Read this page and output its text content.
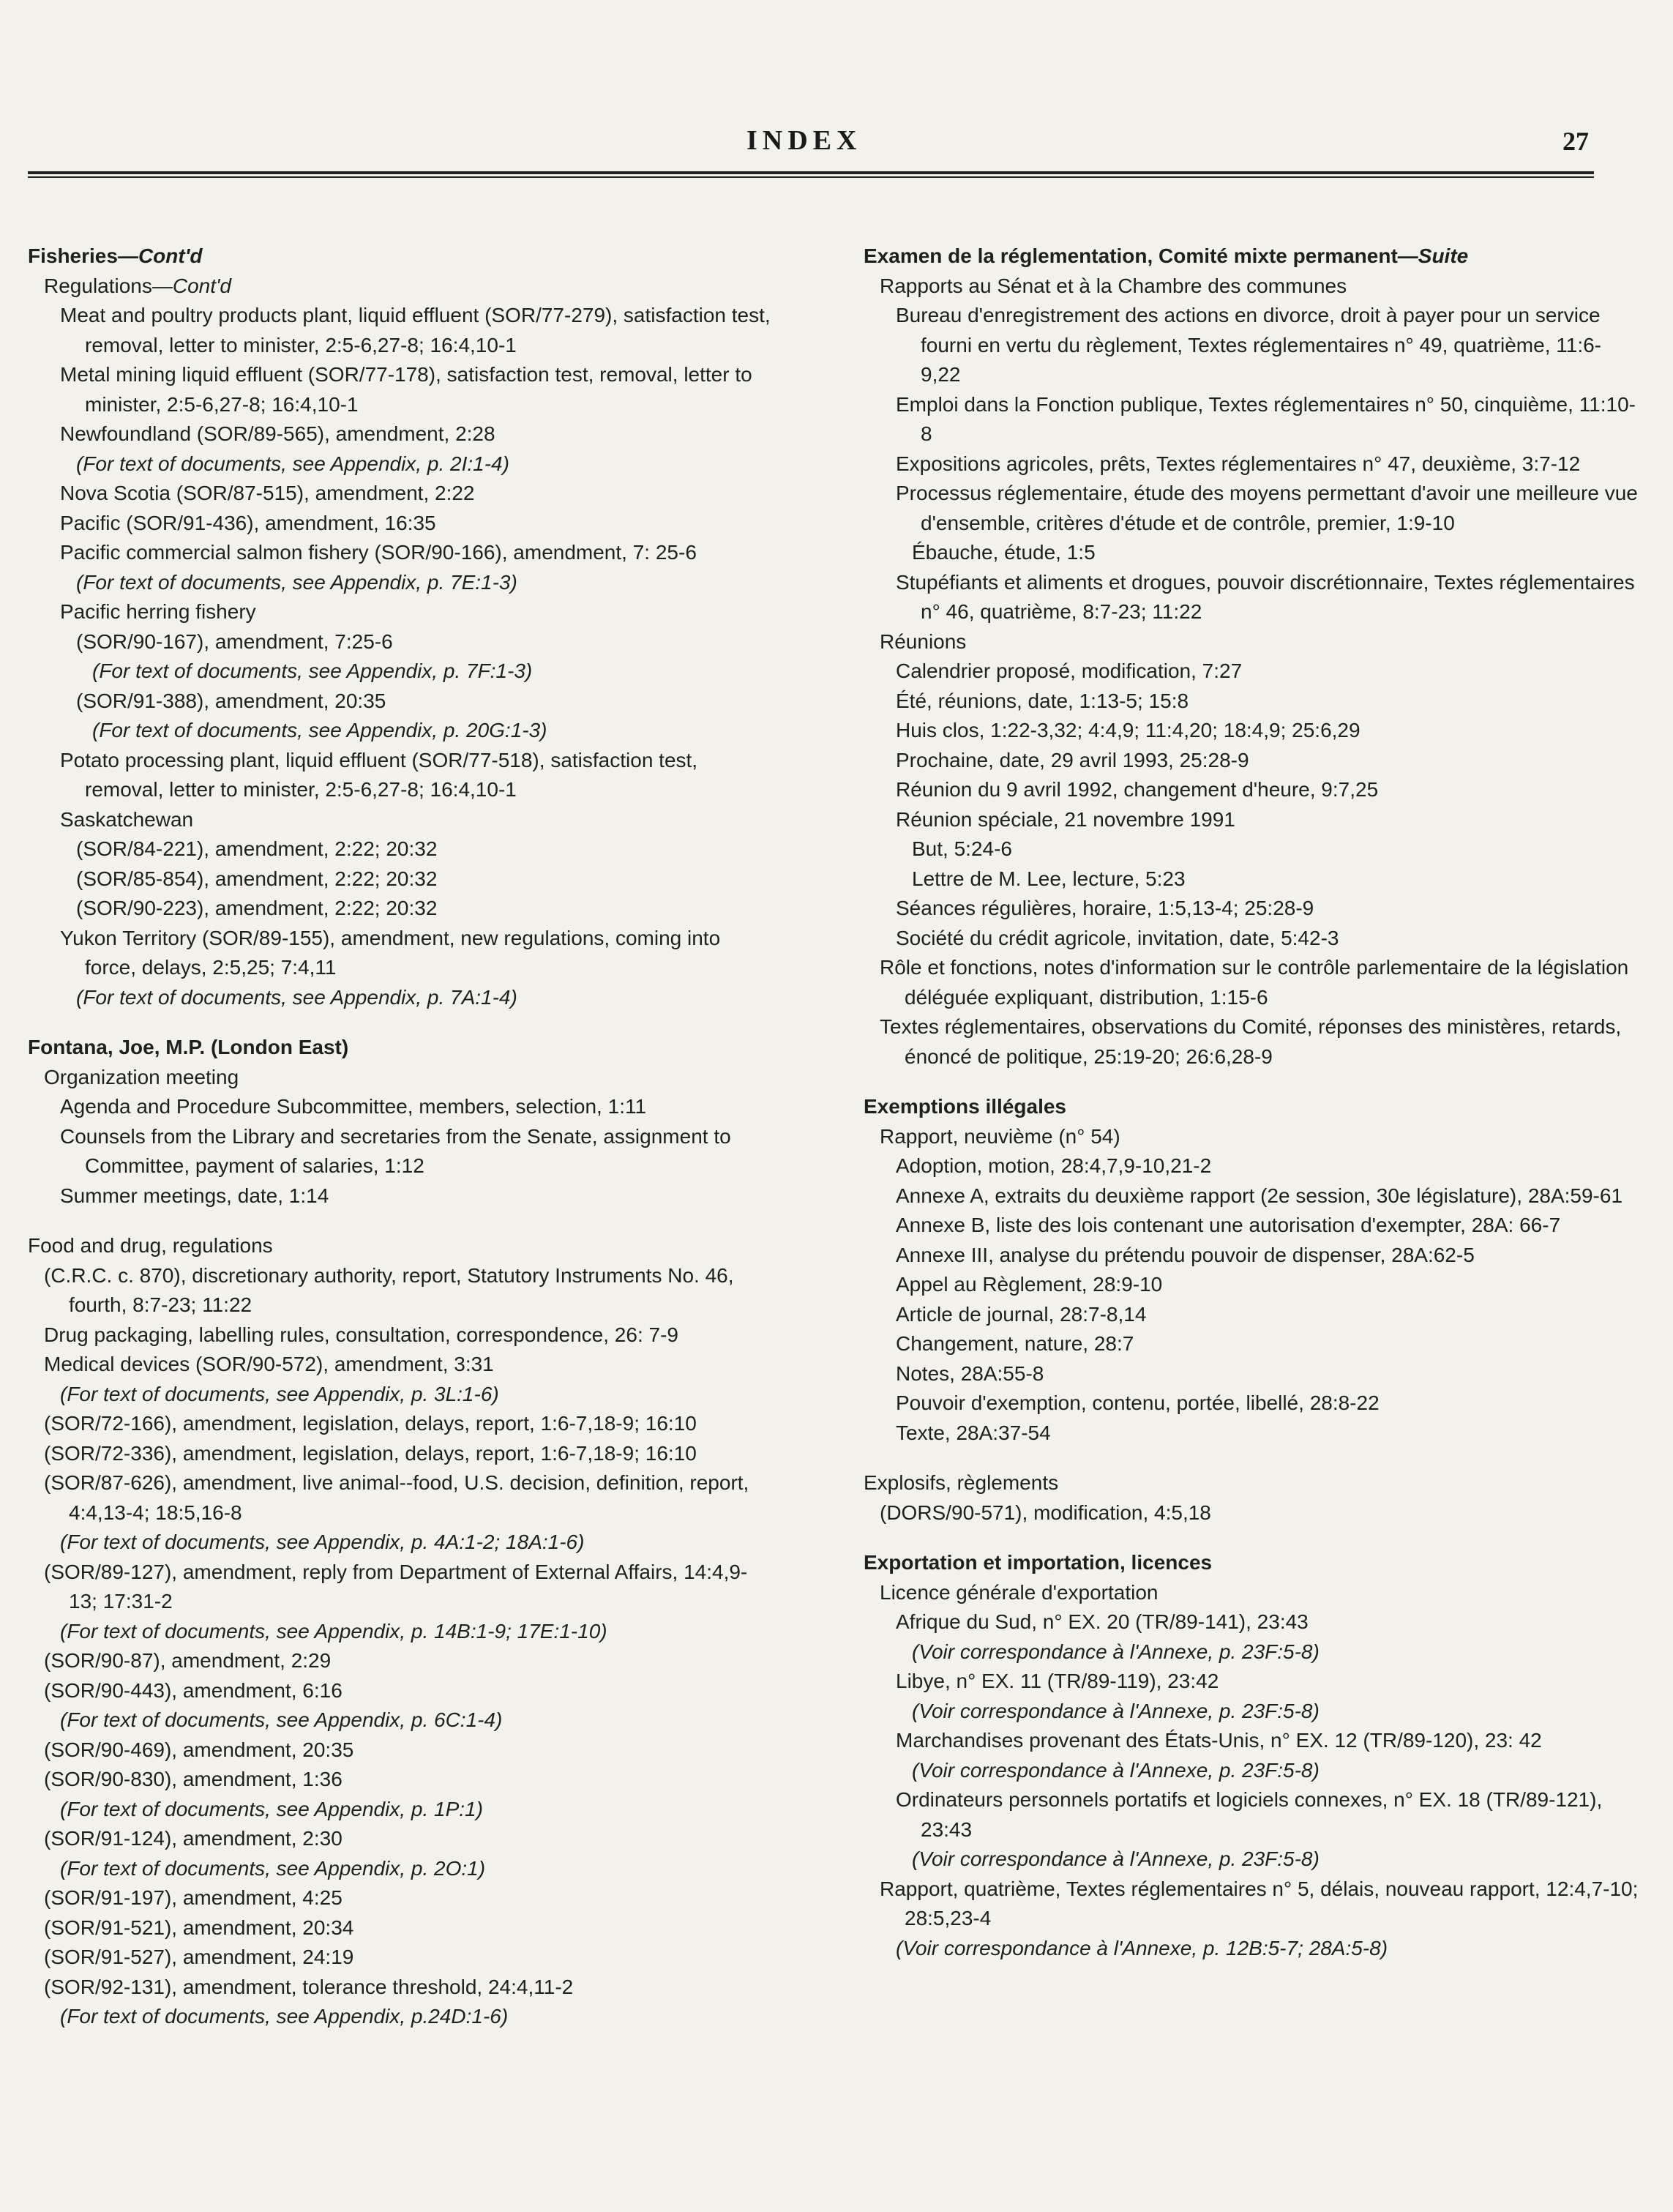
INDEX	27
Fisheries—Cont'd
Regulations—Cont'd
Meat and poultry products plant, liquid effluent (SOR/77-279), satisfaction test, removal, letter to minister, 2:5-6,27-8; 16:4,10-1
Metal mining liquid effluent (SOR/77-178), satisfaction test, removal, letter to minister, 2:5-6,27-8; 16:4,10-1
Newfoundland (SOR/89-565), amendment, 2:28
(For text of documents, see Appendix, p. 2I:1-4)
Nova Scotia (SOR/87-515), amendment, 2:22
Pacific (SOR/91-436), amendment, 16:35
Pacific commercial salmon fishery (SOR/90-166), amendment, 7: 25-6
(For text of documents, see Appendix, p. 7E:1-3)
Pacific herring fishery
(SOR/90-167), amendment, 7:25-6
(For text of documents, see Appendix, p. 7F:1-3)
(SOR/91-388), amendment, 20:35
(For text of documents, see Appendix, p. 20G:1-3)
Potato processing plant, liquid effluent (SOR/77-518), satisfaction test, removal, letter to minister, 2:5-6,27-8; 16:4,10-1
Saskatchewan
(SOR/84-221), amendment, 2:22; 20:32
(SOR/85-854), amendment, 2:22; 20:32
(SOR/90-223), amendment, 2:22; 20:32
Yukon Territory (SOR/89-155), amendment, new regulations, coming into force, delays, 2:5,25; 7:4,11
(For text of documents, see Appendix, p. 7A:1-4)
Fontana, Joe, M.P. (London East)
Organization meeting
Agenda and Procedure Subcommittee, members, selection, 1:11
Counsels from the Library and secretaries from the Senate, assignment to Committee, payment of salaries, 1:12
Summer meetings, date, 1:14
Food and drug, regulations
(C.R.C. c. 870), discretionary authority, report, Statutory Instruments No. 46, fourth, 8:7-23; 11:22
Drug packaging, labelling rules, consultation, correspondence, 26: 7-9
Medical devices (SOR/90-572), amendment, 3:31
(For text of documents, see Appendix, p. 3L:1-6)
(SOR/72-166), amendment, legislation, delays, report, 1:6-7,18-9; 16:10
(SOR/72-336), amendment, legislation, delays, report, 1:6-7,18-9; 16:10
(SOR/87-626), amendment, live animal--food, U.S. decision, definition, report, 4:4,13-4; 18:5,16-8
(For text of documents, see Appendix, p. 4A:1-2; 18A:1-6)
(SOR/89-127), amendment, reply from Department of External Affairs, 14:4,9-13; 17:31-2
(For text of documents, see Appendix, p. 14B:1-9; 17E:1-10)
(SOR/90-87), amendment, 2:29
(SOR/90-443), amendment, 6:16
(For text of documents, see Appendix, p. 6C:1-4)
(SOR/90-469), amendment, 20:35
(SOR/90-830), amendment, 1:36
(For text of documents, see Appendix, p. 1P:1)
(SOR/91-124), amendment, 2:30
(For text of documents, see Appendix, p. 2O:1)
(SOR/91-197), amendment, 4:25
(SOR/91-521), amendment, 20:34
(SOR/91-527), amendment, 24:19
(SOR/92-131), amendment, tolerance threshold, 24:4,11-2
(For text of documents, see Appendix, p.24D:1-6)
Examen de la réglementation, Comité mixte permanent—Suite
Rapports au Sénat et à la Chambre des communes
Bureau d'enregistrement des actions en divorce, droit à payer pour un service fourni en vertu du règlement, Textes réglementaires n° 49, quatrième, 11:6-9,22
Emploi dans la Fonction publique, Textes réglementaires n° 50, cinquième, 11:10-8
Expositions agricoles, prêts, Textes réglementaires n° 47, deuxième, 3:7-12
Processus réglementaire, étude des moyens permettant d'avoir une meilleure vue d'ensemble, critères d'étude et de contrôle, premier, 1:9-10
Ébauche, étude, 1:5
Stupéfiants et aliments et drogues, pouvoir discrétionnaire, Textes réglementaires n° 46, quatrième, 8:7-23; 11:22
Réunions
Calendrier proposé, modification, 7:27
Été, réunions, date, 1:13-5; 15:8
Huis clos, 1:22-3,32; 4:4,9; 11:4,20; 18:4,9; 25:6,29
Prochaine, date, 29 avril 1993, 25:28-9
Réunion du 9 avril 1992, changement d'heure, 9:7,25
Réunion spéciale, 21 novembre 1991
But, 5:24-6
Lettre de M. Lee, lecture, 5:23
Séances régulières, horaire, 1:5,13-4; 25:28-9
Société du crédit agricole, invitation, date, 5:42-3
Rôle et fonctions, notes d'information sur le contrôle parlementaire de la législation déléguée expliquant, distribution, 1:15-6
Textes réglementaires, observations du Comité, réponses des ministères, retards, énoncé de politique, 25:19-20; 26:6,28-9
Exemptions illégales
Rapport, neuvième (n° 54)
Adoption, motion, 28:4,7,9-10,21-2
Annexe A, extraits du deuxième rapport (2e session, 30e législature), 28A:59-61
Annexe B, liste des lois contenant une autorisation d'exempter, 28A: 66-7
Annexe III, analyse du prétendu pouvoir de dispenser, 28A:62-5
Appel au Règlement, 28:9-10
Article de journal, 28:7-8,14
Changement, nature, 28:7
Notes, 28A:55-8
Pouvoir d'exemption, contenu, portée, libellé, 28:8-22
Texte, 28A:37-54
Explosifs, règlements
(DORS/90-571), modification, 4:5,18
Exportation et importation, licences
Licence générale d'exportation
Afrique du Sud, n° EX. 20 (TR/89-141), 23:43
(Voir correspondance à l'Annexe, p. 23F:5-8)
Libye, n° EX. 11 (TR/89-119), 23:42
(Voir correspondance à l'Annexe, p. 23F:5-8)
Marchandises provenant des États-Unis, n° EX. 12 (TR/89-120), 23: 42
(Voir correspondance à l'Annexe, p. 23F:5-8)
Ordinateurs personnels portatifs et logiciels connexes, n° EX. 18 (TR/89-121), 23:43
(Voir correspondance à l'Annexe, p. 23F:5-8)
Rapport, quatrième, Textes réglementaires n° 5, délais, nouveau rapport, 12:4,7-10; 28:5,23-4
(Voir correspondance à l'Annexe, p. 12B:5-7; 28A:5-8)
